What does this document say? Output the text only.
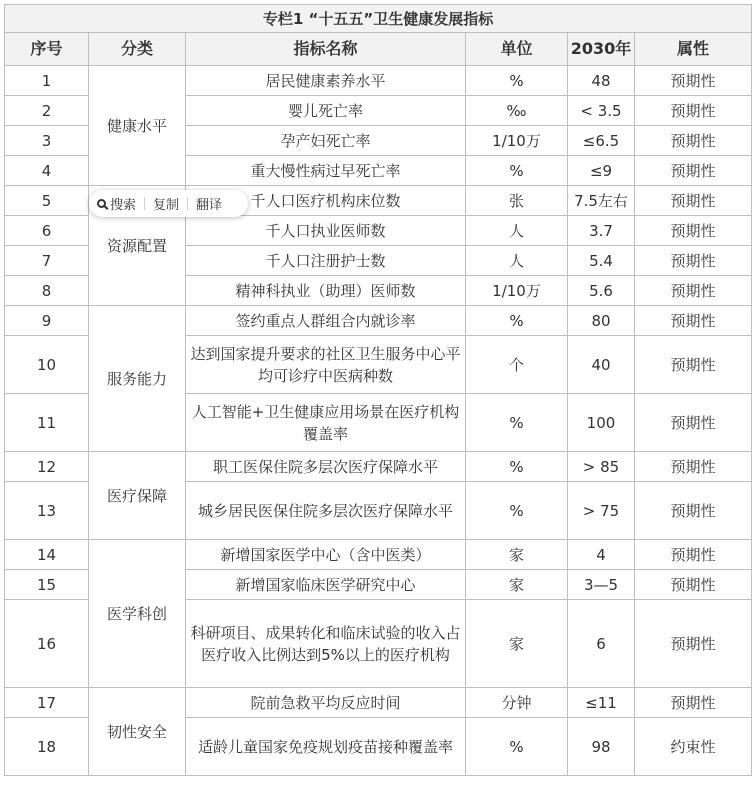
专栏1 “十五五”卫生健康发展指标					
序号	分类	指标名称	单位	2030年	属性
1	健康水平	居民健康素养水平	%	48	预期性
2		婴儿死亡率	‰	< 3.5	预期性
3		孕产妇死亡率	1/10万	≤6.5	预期性
4		重大慢性病过早死亡率	%	≤9	预期性
5	资源配置	千人口医疗机构床位数	张	7.5左右	预期性
6		千人口执业医师数	人	3.7	预期性
7		千人口注册护士数	人	5.4	预期性
8		精神科执业（助理）医师数	1/10万	5.6	预期性
9	服务能力	签约重点人群组合内就诊率	%	80	预期性
10		达到国家提升要求的社区卫生服务中心平均可诊疗中医病种数	个	40	预期性
11		人工智能+卫生健康应用场景在医疗机构覆盖率	%	100	预期性
12	医疗保障	职工医保住院多层次医疗保障水平	%	> 85	预期性
13		城乡居民医保住院多层次医疗保障水平	%	> 75	预期性
14	医学科创	新增国家医学中心（含中医类）	家	4	预期性
15		新增国家临床医学研究中心	家	3—5	预期性
16		科研项目、成果转化和临床试验的收入占医疗收入比例达到5%以上的医疗机构	家	6	预期性
17	韧性安全	院前急救平均反应时间	分钟	≤11	预期性
18		适龄儿童国家免疫规划疫苗接种覆盖率	%	98	约束性
搜索 复制 翻译
